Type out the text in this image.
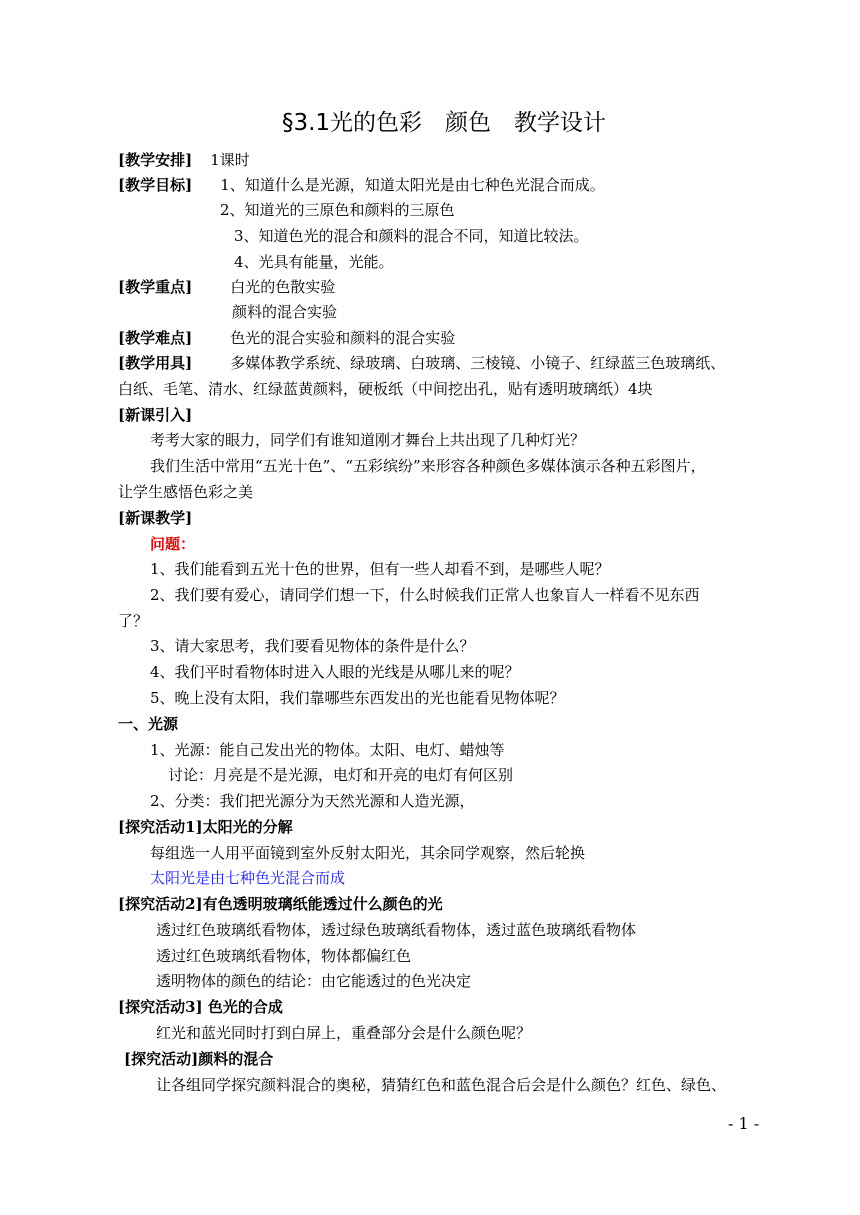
§3.1光的色彩　颜色　教学设计
[教学安排] 1课时
[教学目标] 1、知道什么是光源，知道太阳光是由七种色光混合而成。
2、知道光的三原色和颜料的三原色
3、知道色光的混合和颜料的混合不同，知道比较法。
4、光具有能量，光能。
[教学重点]	白光的色散实验
颜料的混合实验
[教学难点]	色光的混合实验和颜料的混合实验
[教学用具]	多媒体教学系统、绿玻璃、白玻璃、三棱镜、小镜子、红绿蓝三色玻璃纸、
白纸、毛笔、清水、红绿蓝黄颜料，硬板纸（中间挖出孔，贴有透明玻璃纸）4块
[新课引入]
考考大家的眼力，同学们有谁知道刚才舞台上共出现了几种灯光？
我们生活中常用“五光十色”、“五彩缤纷”来形容各种颜色多媒体演示各种五彩图片，
让学生感悟色彩之美
[新课教学]
问题：
1、我们能看到五光十色的世界，但有一些人却看不到，是哪些人呢？
2、我们要有爱心，请同学们想一下，什么时候我们正常人也象盲人一样看不见东西
了？
3、请大家思考，我们要看见物体的条件是什么？
4、我们平时看物体时进入人眼的光线是从哪儿来的呢？
5、晚上没有太阳，我们靠哪些东西发出的光也能看见物体呢？
一、光源
1、光源：能自己发出光的物体。太阳、电灯、蜡烛等
讨论：月亮是不是光源，电灯和开亮的电灯有何区别
2、分类：我们把光源分为天然光源和人造光源，
[探究活动1]太阳光的分解
每组选一人用平面镜到室外反射太阳光，其余同学观察，然后轮换
太阳光是由七种色光混合而成
[探究活动2]有色透明玻璃纸能透过什么颜色的光
透过红色玻璃纸看物体，透过绿色玻璃纸看物体，透过蓝色玻璃纸看物体
透过红色玻璃纸看物体，物体都偏红色
透明物体的颜色的结论：由它能透过的色光决定
[探究活动3] 色光的合成
红光和蓝光同时打到白屏上，重叠部分会是什么颜色呢？
[探究活动]颜料的混合
让各组同学探究颜料混合的奥秘，猜猜红色和蓝色混合后会是什么颜色？红色、绿色、
- 1 -
